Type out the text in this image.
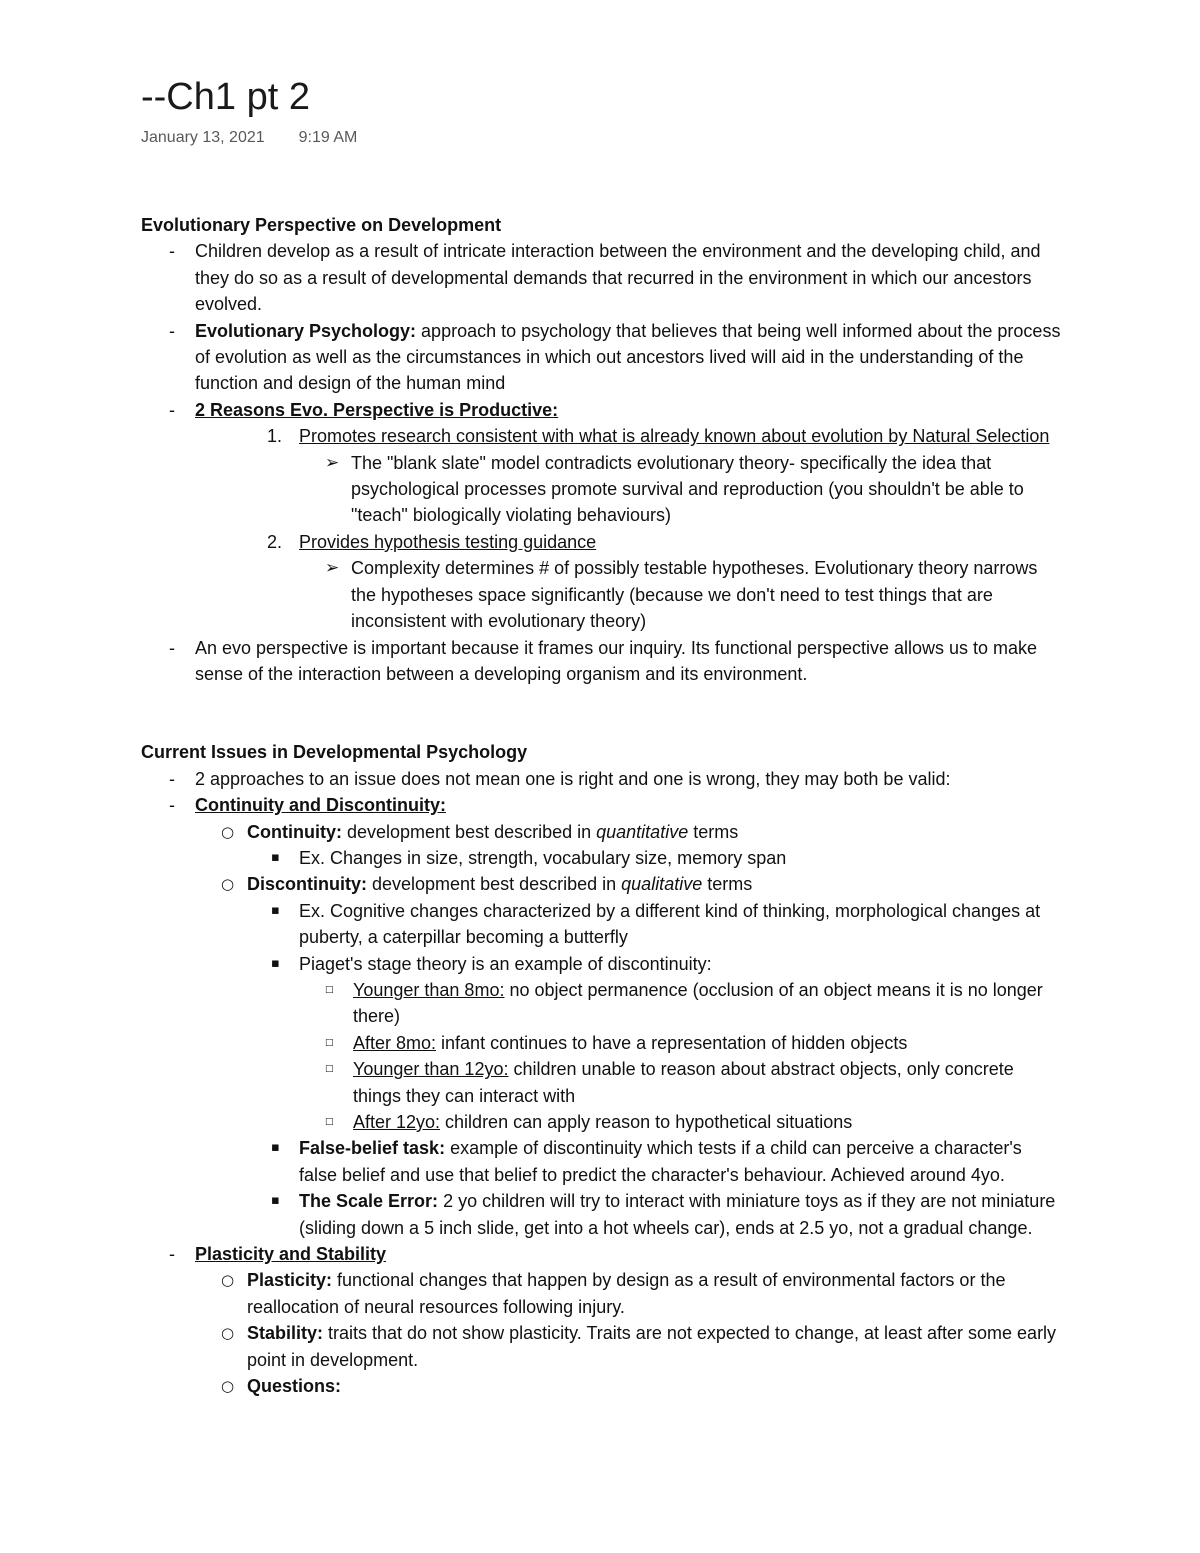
--Ch1 pt 2
January 13, 2021 9:19 AM
Evolutionary Perspective on Development
-	Children develop as a result of intricate interaction between the environment and the developing child, and they do so as a result of developmental demands that recurred in the environment in which our ancestors evolved.
-	Evolutionary Psychology: approach to psychology that believes that being well informed about the process of evolution as well as the circumstances in which out ancestors lived will aid in the understanding of the function and design of the human mind
-	2 Reasons Evo. Perspective is Productive:
1. Promotes research consistent with what is already known about evolution by Natural Selection
➢ The "blank slate" model contradicts evolutionary theory- specifically the idea that psychological processes promote survival and reproduction (you shouldn't be able to "teach" biologically violating behaviours)
2. Provides hypothesis testing guidance
➢ Complexity determines # of possibly testable hypotheses. Evolutionary theory narrows the hypotheses space significantly (because we don't need to test things that are inconsistent with evolutionary theory)
-	An evo perspective is important because it frames our inquiry. Its functional perspective allows us to make sense of the interaction between a developing organism and its environment.
Current Issues in Developmental Psychology
-	2 approaches to an issue does not mean one is right and one is wrong, they may both be valid:
-	Continuity and Discontinuity:
○ Continuity: development best described in quantitative terms
▪	Ex. Changes in size, strength, vocabulary size, memory span
○ Discontinuity: development best described in qualitative terms
▪	Ex. Cognitive changes characterized by a different kind of thinking, morphological changes at puberty, a caterpillar becoming a butterfly
▪	Piaget's stage theory is an example of discontinuity:
□	Younger than 8mo: no object permanence (occlusion of an object means it is no longer there)
□	After 8mo: infant continues to have a representation of hidden objects
□	Younger than 12yo: children unable to reason about abstract objects, only concrete things they can interact with
□	After 12yo: children can apply reason to hypothetical situations
▪	False-belief task: example of discontinuity which tests if a child can perceive a character's false belief and use that belief to predict the character's behaviour. Achieved around 4yo.
▪	The Scale Error: 2 yo children will try to interact with miniature toys as if they are not miniature (sliding down a 5 inch slide, get into a hot wheels car), ends at 2.5 yo, not a gradual change.
-	Plasticity and Stability
○ Plasticity: functional changes that happen by design as a result of environmental factors or the reallocation of neural resources following injury.
○ Stability: traits that do not show plasticity. Traits are not expected to change, at least after some early point in development.
○ Questions:
